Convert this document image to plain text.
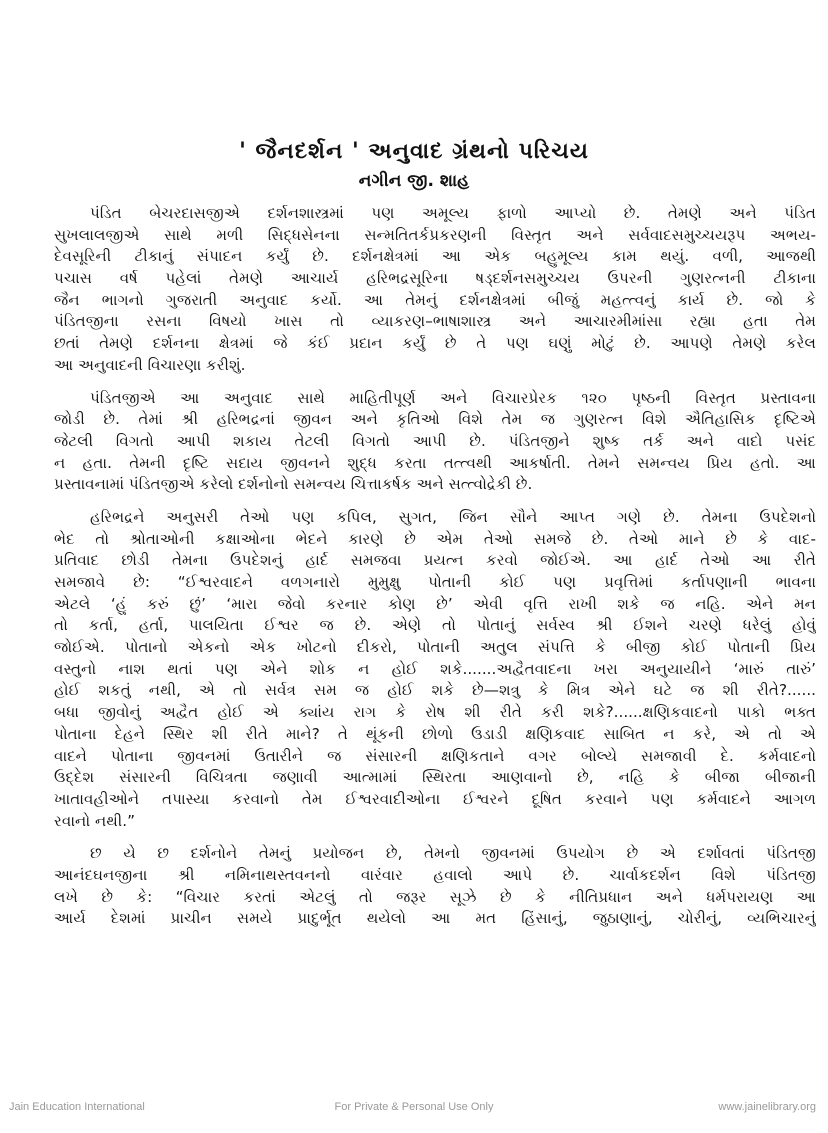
' જૈનદર્શન ' અનુવાદ ગ્રંથનો પરિચય
નગીન જી. શાહ
પંડિત બેચરદાસજીએ દર્શનશાસ્ત્રમાં પણ અમૂલ્ય ફાળો આપ્યો છે. તેમણે અને પંડિત
સુખલાલજીએ સાથે મળી સિદ્ધસેનના સન્મતિતર્કપ્રકરણની વિસ્તૃત અને સર્વવાદસમુચ્ચયરૂપ અભય-
દેવસૂરિની ટીકાનું સંપાદન કર્યું છે. દર્શનક્ષેત્રમાં આ એક બહુમૂલ્ય કામ થયું. વળી, આજથી
પચાસ વર્ષ પહેલાં તેમણે આચાર્ય હરિભદ્રસૂરિના ષડ્દર્શનસમુચ્ચય ઉપરની ગુણરત્નની ટીકાના
જૈન ભાગનો ગુજરાતી અનુવાદ કર્યો. આ તેમનું દર્શનક્ષેત્રમાં બીજું મહત્ત્વનું કાર્ય છે. જો કે
પંડિતજીના રસના વિષયો ખાસ તો વ્યાકરણ–ભાષાશાસ્ત્ર અને આચારમીમાંસા રહ્યા હતા તેમ
છતાં તેમણે દર્શનના ક્ષેત્રમાં જે કંઈ પ્રદાન કર્યું છે તે પણ ઘણું મોટું છે. આપણે તેમણે કરેલ
આ અનુવાદની વિચારણા કરીશું.
પંડિતજીએ આ અનુવાદ સાથે માહિતીપૂર્ણ અને વિચારપ્રેરક ૧૨૦ પૃષ્ઠની વિસ્તૃત પ્રસ્તાવના
જોડી છે. તેમાં શ્રી હરિભદ્રનાં જીવન અને કૃતિઓ વિશે તેમ જ ગુણરત્ન વિશે ઐતિહાસિક દૃષ્ટિએ
જેટલી વિગતો આપી શકાય તેટલી વિગતો આપી છે. પંડિતજીને શુષ્ક તર્ક અને વાદો પસંદ
ન હતા. તેમની દૃષ્ટિ સદાય જીવનને શુદ્ધ કરતા તત્ત્વથી આકર્ષાતી. તેમને સમન્વય પ્રિય હતો. આ
પ્રસ્તાવનામાં પંડિતજીએ કરેલો દર્શનોનો સમન્વય ચિત્તાકર્ષક અને સત્ત્વોદ્રેકી છે.
હરિભદ્રને અનુસરી તેઓ પણ કપિલ, સુગત, જિન સૌને આપ્ત ગણે છે. તેમના ઉપદેશનો
ભેદ તો શ્રોતાઓની કક્ષાઓના ભેદને કારણે છે એમ તેઓ સમજે છે. તેઓ માને છે કે વાદ-
પ્રતિવાદ છોડી તેમના ઉપદેશનું હાર્દ સમજવા પ્રયત્ન કરવો જોઈએ. આ હાર્દ તેઓ આ રીતે
સમજાવે છે: “ઈશ્વરવાદને વળગનારો મુમુક્ષુ પોતાની કોઈ પણ પ્રવૃત્તિમાં કર્તાપણાની ભાવના
એટલે ‘હું કરું છું’ ‘મારા જેવો કરનાર કોણ છે’ એવી વૃત્તિ રાખી શકે જ નહિ. એને મન
તો કર્તા, હર્તા, પાલયિતા ઈશ્વર જ છે. એણે તો પોતાનું સર્વસ્વ શ્રી ઈશને ચરણે ધરેલું હોવું
જોઈએ. પોતાનો એકનો એક ખોટનો દીકરો, પોતાની અતુલ સંપત્તિ કે બીજી કોઈ પોતાની પ્રિય
વસ્તુનો નાશ થતાં પણ એને શોક ન હોઈ શકે.......અદ્વૈતવાદના ખરા અનુયાયીને ‘મારું તારું’
હોઈ શકતું નથી, એ તો સર્વત્ર સમ જ હોઈ શકે છે—શત્રુ કે મિત્ર એને ઘટે જ શી રીતે?......
બધા જીવોનું અદ્વૈત હોઈ એ ક્યાંય રાગ કે રોષ શી રીતે કરી શકે?......ક્ષણિકવાદનો પાકો ભક્ત
પોતાના દેહને સ્થિર શી રીતે માને? તે થૂંકની છોળો ઉડાડી ક્ષણિકવાદ સાબિત ન કરે, એ તો એ
વાદને પોતાના જીવનમાં ઉતારીને જ સંસારની ક્ષણિકતાને વગર બોલ્યે સમજાવી દે. કર્મવાદનો
ઉદ્દેશ સંસારની વિચિત્રતા જણાવી આત્મામાં સ્થિરતા આણવાનો છે, નહિ કે બીજા બીજાની
ખાતાવહીઓને તપાસ્યા કરવાનો તેમ ઈશ્વરવાદીઓના ઈશ્વરને દૂષિત કરવાને પણ કર્મવાદને આગળ
રવાનો નથી.”
છ યે છ દર્શનોને તેમનું પ્રયોજન છે, તેમનો જીવનમાં ઉપયોગ છે એ દર્શાવતાં પંડિતજી
આનંદઘનજીના શ્રી નમિનાથસ્તવનનો વારંવાર હવાલો આપે છે. ચાર્વાકદર્શન વિશે પંડિતજી
લખે છે કે: “વિચાર કરતાં એટલું તો જરૂર સૂઝે છે કે નીતિપ્રધાન અને ધર્મપરાયણ આ
આર્ય દેશમાં પ્રાચીન સમયે પ્રાદુર્ભૂત થયેલો આ મત હિંસાનું, જુઠાણાનું, ચોરીનું, વ્યભિચારનું
Jain Education International	For Private & Personal Use Only	www.jainelibrary.org
